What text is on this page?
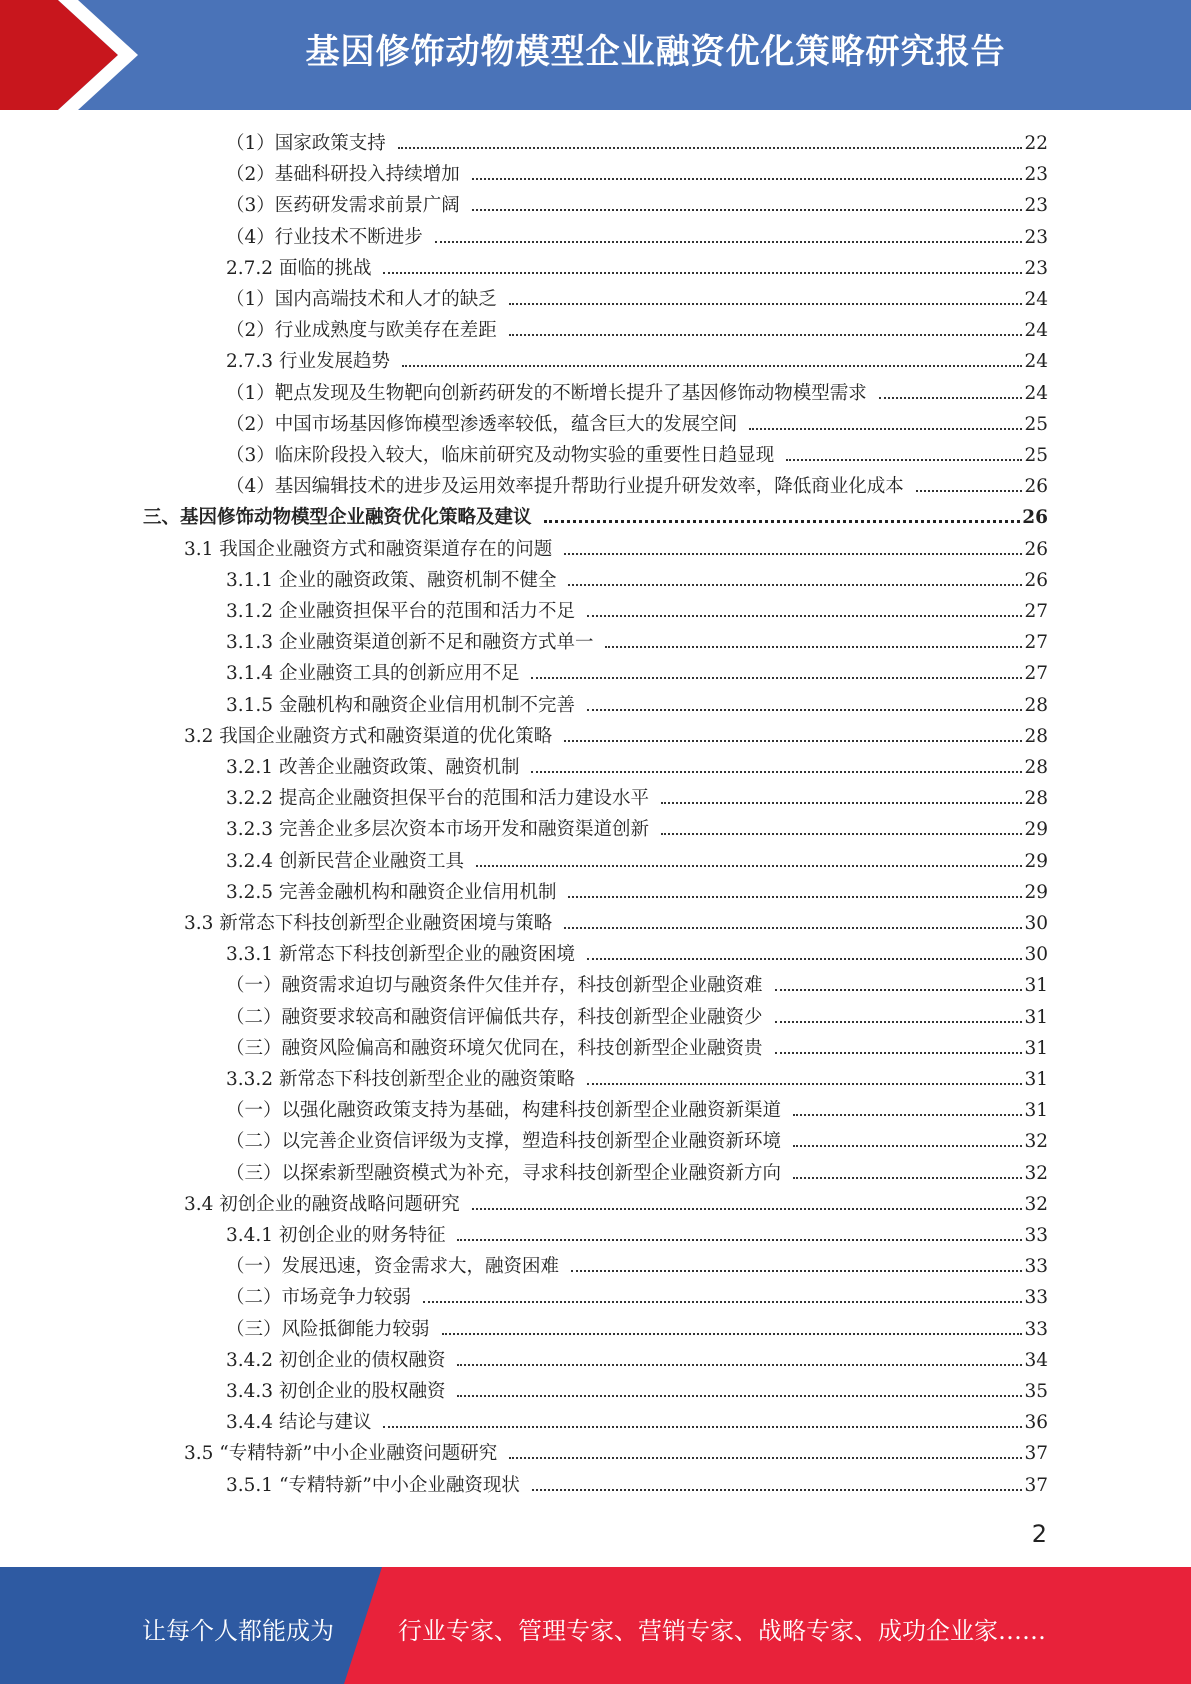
基因修饰动物模型企业融资优化策略研究报告
（1）国家政策支持	22
（2）基础科研投入持续增加	23
（3）医药研发需求前景广阔	23
（4）行业技术不断进步	23
2.7.2 面临的挑战	23
（1）国内高端技术和人才的缺乏	24
（2）行业成熟度与欧美存在差距	24
2.7.3 行业发展趋势	24
（1）靶点发现及生物靶向创新药研发的不断增长提升了基因修饰动物模型需求	24
（2）中国市场基因修饰模型渗透率较低，蕴含巨大的发展空间	25
（3）临床阶段投入较大，临床前研究及动物实验的重要性日趋显现	25
（4）基因编辑技术的进步及运用效率提升帮助行业提升研发效率，降低商业化成本	26
三、基因修饰动物模型企业融资优化策略及建议	26
3.1 我国企业融资方式和融资渠道存在的问题	26
3.1.1 企业的融资政策、融资机制不健全	26
3.1.2 企业融资担保平台的范围和活力不足	27
3.1.3 企业融资渠道创新不足和融资方式单一	27
3.1.4 企业融资工具的创新应用不足	27
3.1.5 金融机构和融资企业信用机制不完善	28
3.2 我国企业融资方式和融资渠道的优化策略	28
3.2.1 改善企业融资政策、融资机制	28
3.2.2 提高企业融资担保平台的范围和活力建设水平	28
3.2.3 完善企业多层次资本市场开发和融资渠道创新	29
3.2.4 创新民营企业融资工具	29
3.2.5 完善金融机构和融资企业信用机制	29
3.3 新常态下科技创新型企业融资困境与策略	30
3.3.1 新常态下科技创新型企业的融资困境	30
（一）融资需求迫切与融资条件欠佳并存，科技创新型企业融资难	31
（二）融资要求较高和融资信评偏低共存，科技创新型企业融资少	31
（三）融资风险偏高和融资环境欠优同在，科技创新型企业融资贵	31
3.3.2 新常态下科技创新型企业的融资策略	31
（一）以强化融资政策支持为基础，构建科技创新型企业融资新渠道	31
（二）以完善企业资信评级为支撑，塑造科技创新型企业融资新环境	32
（三）以探索新型融资模式为补充，寻求科技创新型企业融资新方向	32
3.4 初创企业的融资战略问题研究	32
3.4.1 初创企业的财务特征	33
（一）发展迅速，资金需求大，融资困难	33
（二）市场竞争力较弱	33
（三）风险抵御能力较弱	33
3.4.2 初创企业的债权融资	34
3.4.3 初创企业的股权融资	35
3.4.4 结论与建议	36
3.5 “专精特新”中小企业融资问题研究	37
3.5.1 “专精特新”中小企业融资现状	37
2
让每个人都能成为	行业专家、管理专家、营销专家、战略专家、成功企业家……
